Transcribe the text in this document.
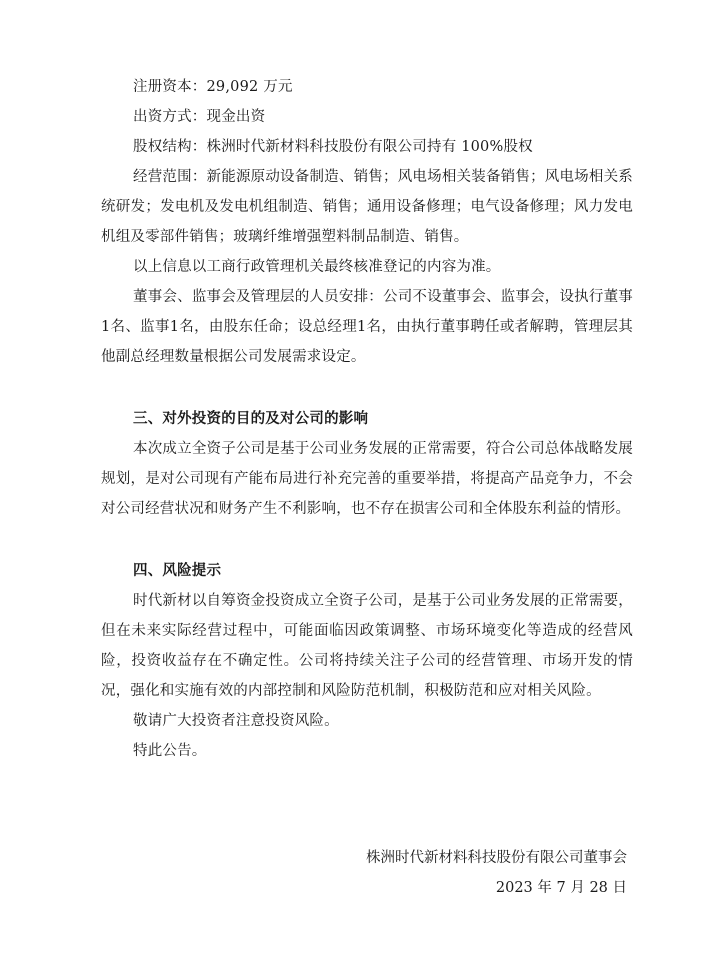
注册资本：29,092 万元

出资方式：现金出资

股权结构：株洲时代新材料科技股份有限公司持有 100%股权

经营范围：新能源原动设备制造、销售；风电场相关装备销售；风电场相关系统研发；发电机及发电机组制造、销售；通用设备修理；电气设备修理；风力发电机组及零部件销售；玻璃纤维增强塑料制品制造、销售。

以上信息以工商行政管理机关最终核准登记的内容为准。

董事会、监事会及管理层的人员安排：公司不设董事会、监事会，设执行董事1名、监事1名，由股东任命；设总经理1名，由执行董事聘任或者解聘，管理层其他副总经理数量根据公司发展需求设定。

三、对外投资的目的及对公司的影响

本次成立全资子公司是基于公司业务发展的正常需要，符合公司总体战略发展规划，是对公司现有产能布局进行补充完善的重要举措，将提高产品竞争力，不会对公司经营状况和财务产生不利影响，也不存在损害公司和全体股东利益的情形。

四、风险提示

时代新材以自筹资金投资成立全资子公司，是基于公司业务发展的正常需要，但在未来实际经营过程中，可能面临因政策调整、市场环境变化等造成的经营风险，投资收益存在不确定性。公司将持续关注子公司的经营管理、市场开发的情况，强化和实施有效的内部控制和风险防范机制，积极防范和应对相关风险。

敬请广大投资者注意投资风险。

特此公告。

株洲时代新材料科技股份有限公司董事会
2023 年 7 月 28 日
